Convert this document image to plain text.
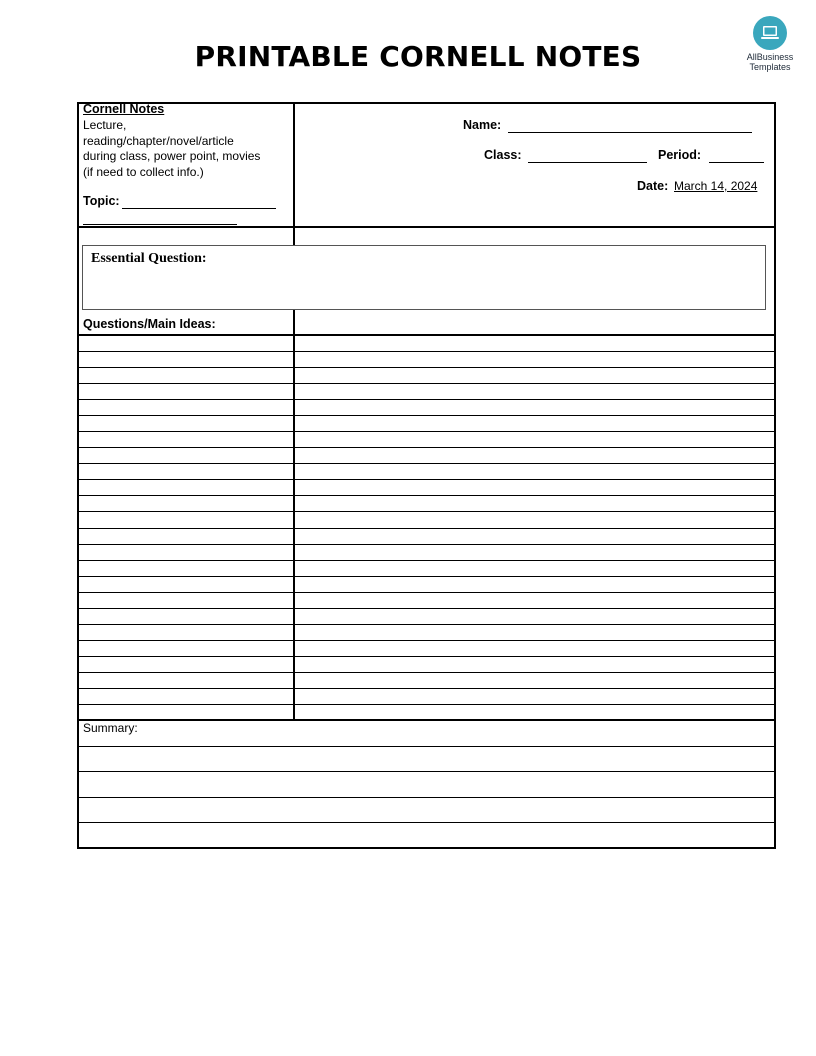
PRINTABLE CORNELL NOTES	AllBusiness
Templates
Cornell Notes
Lecture,
reading/chapter/novel/article
during class, power point, movies
(if need to collect info.)
Topic:
Name:
Class:	Period:
Date: March 14, 2024
Essential Question:
Questions/Main Ideas:
Summary:
